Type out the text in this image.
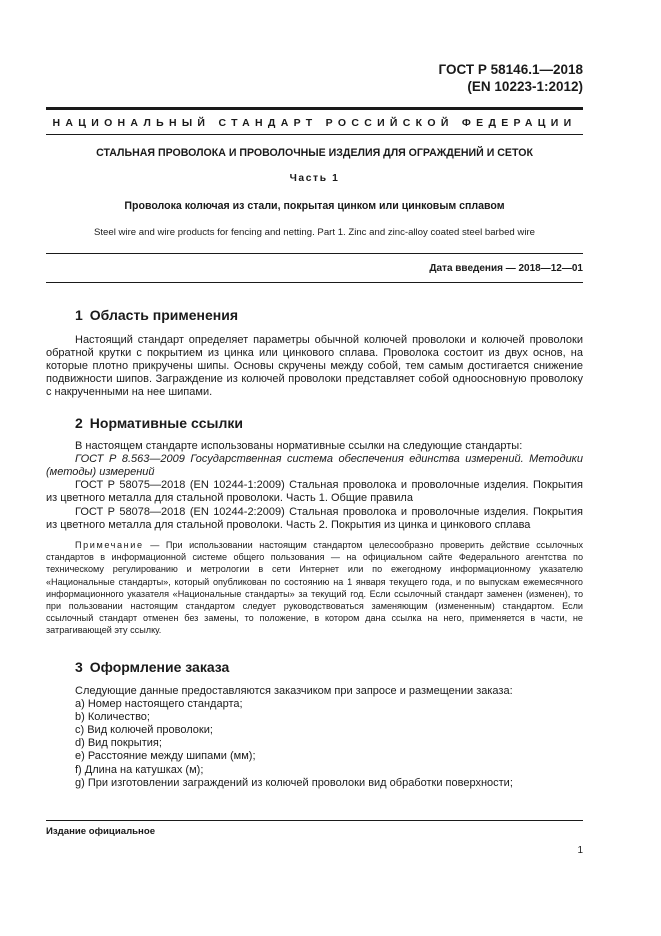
ГОСТ Р 58146.1—2018
(EN 10223-1:2012)
НАЦИОНАЛЬНЫЙ СТАНДАРТ РОССИЙСКОЙ ФЕДЕРАЦИИ
СТАЛЬНАЯ ПРОВОЛОКА И ПРОВОЛОЧНЫЕ ИЗДЕЛИЯ ДЛЯ ОГРАЖДЕНИЙ И СЕТОК
Часть 1
Проволока колючая из стали, покрытая цинком или цинковым сплавом
Steel wire and wire products for fencing and netting. Part 1. Zinc and zinc-alloy coated steel barbed wire
Дата введения — 2018—12—01
1 Область применения
Настоящий стандарт определяет параметры обычной колючей проволоки и колючей проволоки обратной крутки с покрытием из цинка или цинкового сплава. Проволока состоит из двух основ, на которые плотно прикручены шипы. Основы скручены между собой, тем самым достигается снижение подвижности шипов. Заграждение из колючей проволоки представляет собой одноосновную проволоку с накрученными на нее шипами.
2 Нормативные ссылки
В настоящем стандарте использованы нормативные ссылки на следующие стандарты:
ГОСТ Р 8.563—2009 Государственная система обеспечения единства измерений. Методики (методы) измерений
ГОСТ Р 58075—2018 (EN 10244-1:2009) Стальная проволока и проволочные изделия. Покрытия из цветного металла для стальной проволоки. Часть 1. Общие правила
ГОСТ Р 58078—2018 (EN 10244-2:2009) Стальная проволока и проволочные изделия. Покрытия из цветного металла для стальной проволоки. Часть 2. Покрытия из цинка и цинкового сплава
Примечание — При использовании настоящим стандартом целесообразно проверить действие ссылочных стандартов в информационной системе общего пользования — на официальном сайте Федерального агентства по техническому регулированию и метрологии в сети Интернет или по ежегодному информационному указателю «Национальные стандарты», который опубликован по состоянию на 1 января текущего года, и по выпускам ежемесячного информационного указателя «Национальные стандарты» за текущий год. Если ссылочный стандарт заменен (изменен), то при пользовании настоящим стандартом следует руководствоваться заменяющим (измененным) стандартом. Если ссылочный стандарт отменен без замены, то положение, в котором дана ссылка на него, применяется в части, не затрагивающей эту ссылку.
3 Оформление заказа
Следующие данные предоставляются заказчиком при запросе и размещении заказа:
a) Номер настоящего стандарта;
b) Количество;
c) Вид колючей проволоки;
d) Вид покрытия;
e) Расстояние между шипами (мм);
f) Длина на катушках (м);
g) При изготовлении заграждений из колючей проволоки вид обработки поверхности;
Издание официальное
1
